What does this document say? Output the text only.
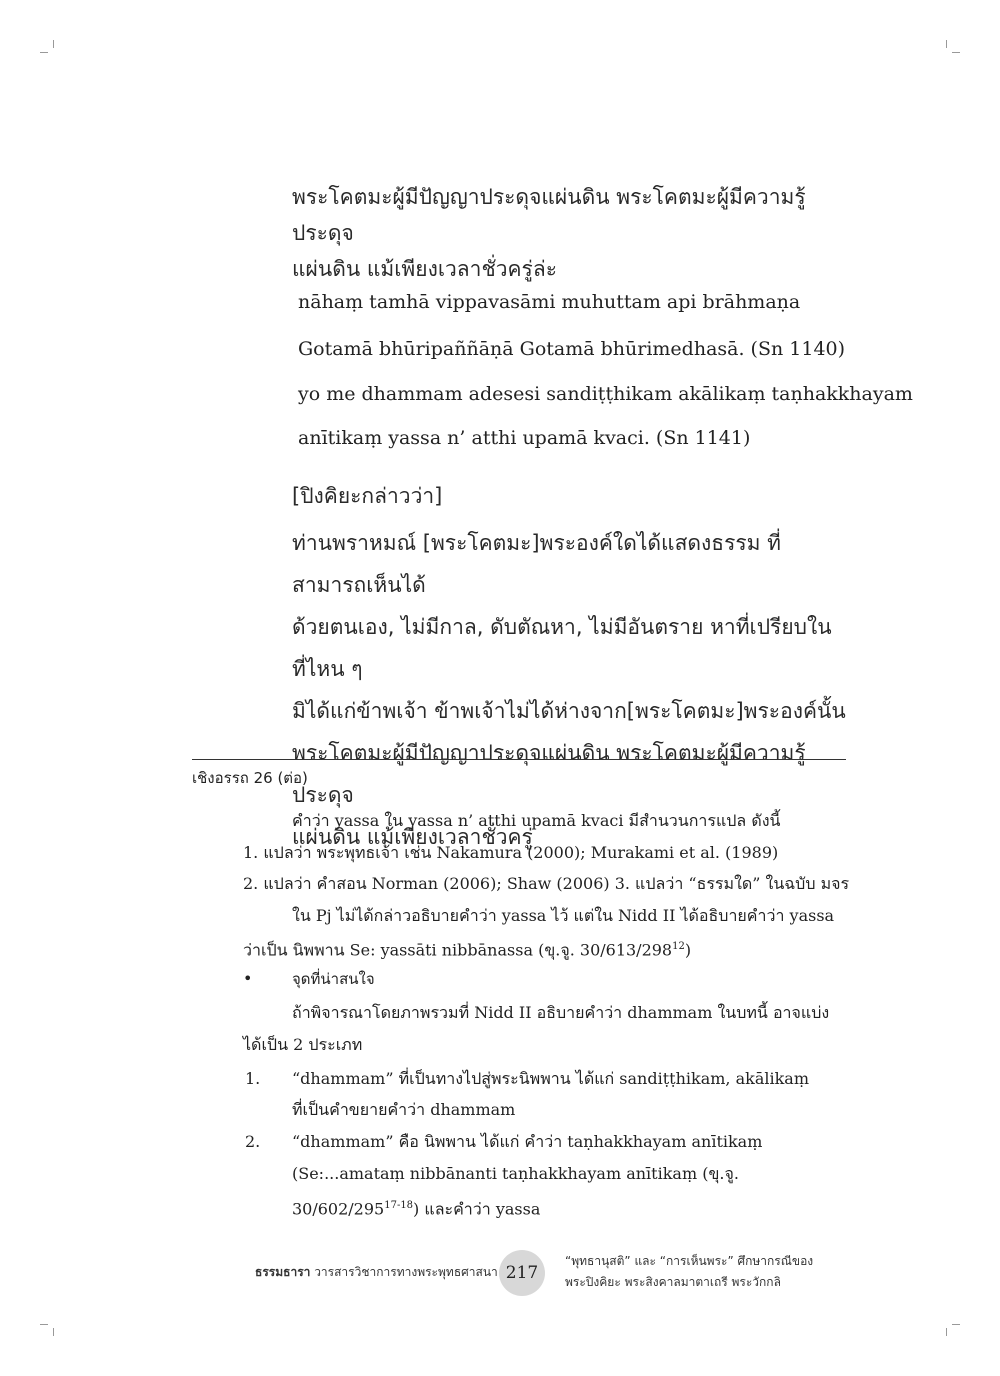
พระโคตมะผู้มีปัญญาประดุจแผ่นดิน พระโคตมะผู้มีความรู้ประดุจ
แผ่นดิน แม้เพียงเวลาชั่วครู่ล่ะ
nāhaṃ tamhā vippavasāmi muhuttam api brāhmaṇa
Gotamā bhūripaññāṇā Gotamā bhūrimedhasā. (Sn 1140)
yo me dhammam adesesi sandiṭṭhikam akālikaṃ taṇhakkhayam
anītikaṃ yassa n’ atthi upamā kvaci. (Sn 1141)
[ปิงคิยะกล่าวว่า]
ท่านพราหมณ์ [พระโคตมะ]พระองค์ใดได้แสดงธรรม ที่สามารถเห็นได้
ด้วยตนเอง, ไม่มีกาล, ดับตัณหา, ไม่มีอันตราย หาที่เปรียบในที่ไหน ๆ
มิได้แก่ข้าพเจ้า ข้าพเจ้าไม่ได้ห่างจาก[พระโคตมะ]พระองค์นั้น
พระโคตมะผู้มีปัญญาประดุจแผ่นดิน พระโคตมะผู้มีความรู้ประดุจ
แผ่นดิน แม้เพียงเวลาชั่วครู่
เชิงอรรถ 26 (ต่อ)
คำว่า yassa ใน yassa n’ atthi upamā kvaci มีสำนวนการแปล ดังนี้
1. แปลว่า พระพุทธเจ้า เช่น Nakamura (2000); Murakami et al. (1989)
2. แปลว่า คำสอน Norman (2006); Shaw (2006) 3. แปลว่า “ธรรมใด” ในฉบับ มจร
ใน Pj ไม่ได้กล่าวอธิบายคำว่า yassa ไว้ แต่ใน Nidd II ได้อธิบายคำว่า yassa
ว่าเป็น นิพพาน Se: yassāti nibbānassa (ขุ.จู. $30/613/298^{12}$)
•	จุดที่น่าสนใจ
ถ้าพิจารณาโดยภาพรวมที่ Nidd II อธิบายคำว่า dhammam ในบทนี้ อาจแบ่ง
ได้เป็น 2 ประเภท
1. “dhammam” ที่เป็นทางไปสู่พระนิพพาน ได้แก่ sandiṭṭhikam, akālikaṃ
ที่เป็นคำขยายคำว่า dhammam
2. “dhammam” คือ นิพพาน ได้แก่ คำว่า taṇhakkhayam anītikaṃ
(Se:...amataṃ nibbānanti taṇhakkhayam anītikaṃ (ขุ.จู.
30/602/295$^{17-18}$) และคำว่า yassa
ธรรมธารา วารสารวิชาการทางพระพุทธศาสนา 217
“พุทธานุสติ” และ “การเห็นพระ” ศึกษากรณีของ
พระปิงคิยะ พระสิงคาลมาตาเถรี พระวักกลิ
